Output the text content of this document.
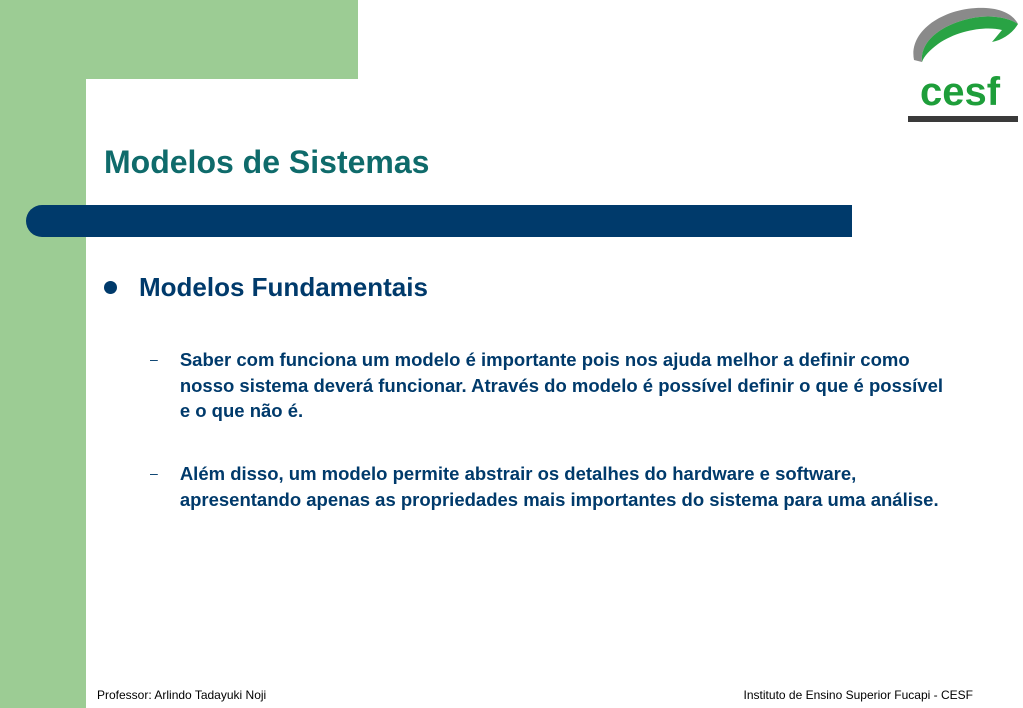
Modelos de Sistemas
cesf
Modelos Fundamentais
–	Saber com funciona um modelo é importante pois nos ajuda melhor a definir como nosso sistema deverá funcionar. Através do modelo é possível definir o que é possível e o que não é.
–	Além disso, um modelo permite abstrair os detalhes do hardware e software, apresentando apenas as propriedades mais importantes do sistema para uma análise.
Professor: Arlindo Tadayuki Noji	Instituto de Ensino Superior Fucapi - CESF
